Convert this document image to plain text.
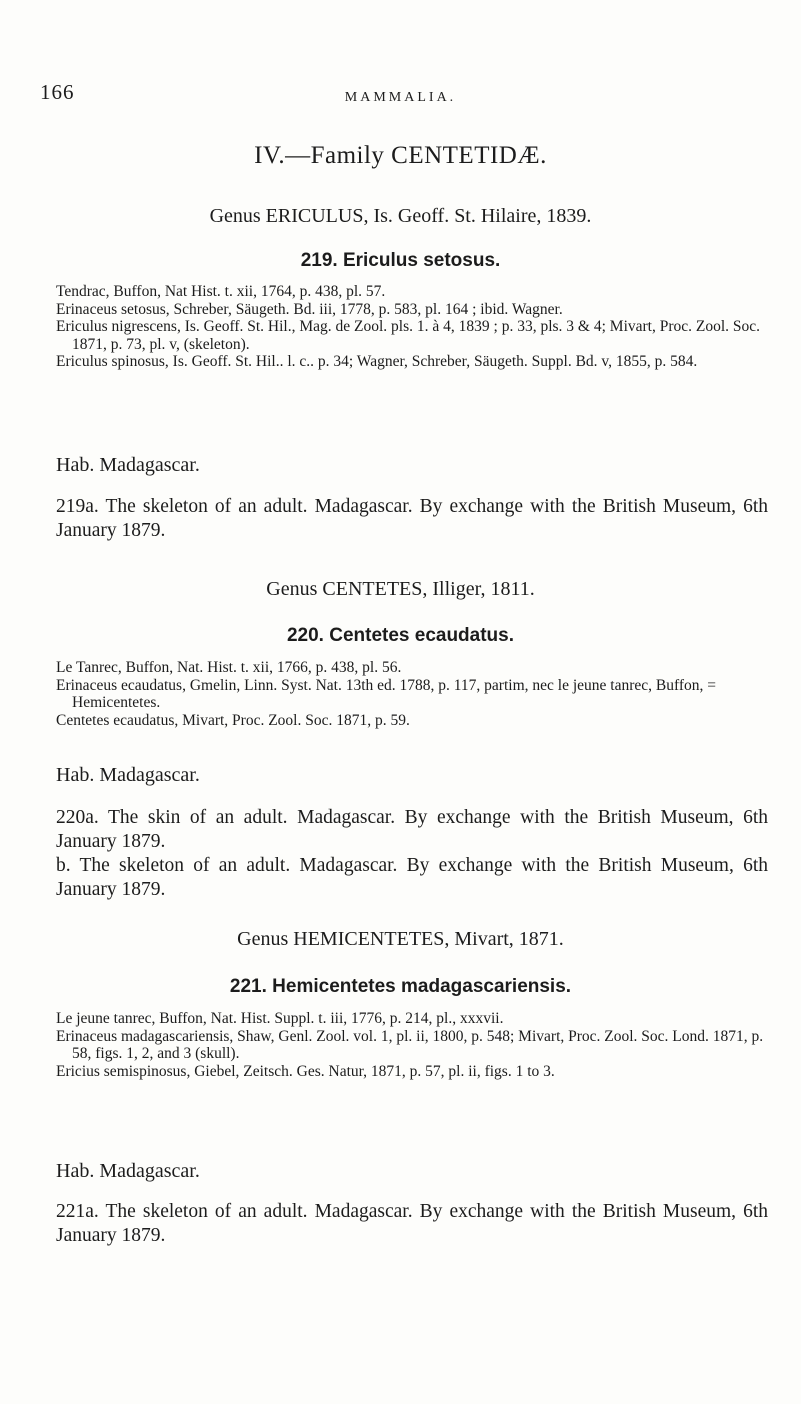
166	MAMMALIA.
IV.—Family CENTETIDÆ.
Genus ERICULUS, Is. Geoff. St. Hilaire, 1839.
219. Ericulus setosus.

Tendrac, Buffon, Nat Hist. t. xii, 1764, p. 438, pl. 57.

Erinaceus setosus, Schreber, Säugeth. Bd. iii, 1778, p. 583, pl. 164 ; ibid. Wagner.

Ericulus nigrescens, Is. Geoff. St. Hil., Mag. de Zool. pls. 1. à 4, 1839 ; p. 33, pls. 3 & 4; Mivart, Proc. Zool. Soc. 1871, p. 73, pl. v, (skeleton).

Ericulus spinosus, Is. Geoff. St. Hil.. l. c.. p. 34; Wagner, Schreber, Säugeth. Suppl. Bd. v, 1855, p. 584.

Hab. Madagascar.

219a. The skeleton of an adult. Madagascar. By exchange with the British Museum, 6th January 1879.

Genus CENTETES, Illiger, 1811.
220. Centetes ecaudatus.

Le Tanrec, Buffon, Nat. Hist. t. xii, 1766, p. 438, pl. 56.

Erinaceus ecaudatus, Gmelin, Linn. Syst. Nat. 13th ed. 1788, p. 117, partim, nec le jeune tanrec, Buffon, = Hemicentetes.

Centetes ecaudatus, Mivart, Proc. Zool. Soc. 1871, p. 59.

Hab. Madagascar.

220a. The skin of an adult. Madagascar. By exchange with the British Museum, 6th January 1879.

b. The skeleton of an adult. Madagascar. By exchange with the British Museum, 6th January 1879.

Genus HEMICENTETES, Mivart, 1871.
221. Hemicentetes madagascariensis.

Le jeune tanrec, Buffon, Nat. Hist. Suppl. t. iii, 1776, p. 214, pl., xxxvii.

Erinaceus madagascariensis, Shaw, Genl. Zool. vol. 1, pl. ii, 1800, p. 548; Mivart, Proc. Zool. Soc. Lond. 1871, p. 58, figs. 1, 2, and 3 (skull).

Ericius semispinosus, Giebel, Zeitsch. Ges. Natur, 1871, p. 57, pl. ii, figs. 1 to 3.

Hab. Madagascar.

221a. The skeleton of an adult. Madagascar. By exchange with the British Museum, 6th January 1879.
